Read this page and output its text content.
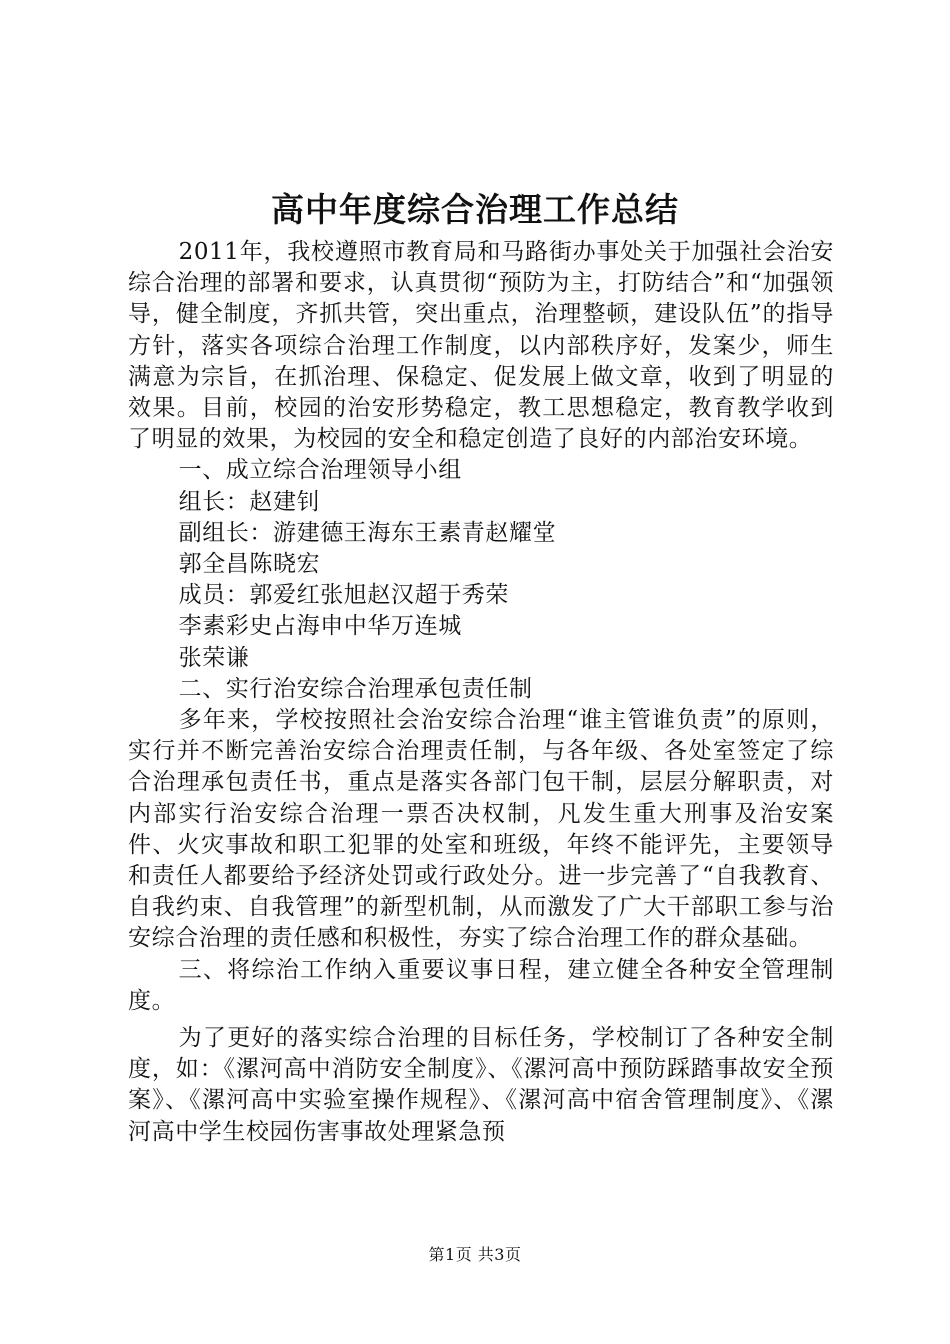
高中年度综合治理工作总结

2011年，我校遵照市教育局和马路街办事处关于加强社会治安综合治理的部署和要求，认真贯彻“预防为主，打防结合”和“加强领导，健全制度，齐抓共管，突出重点，治理整顿，建设队伍”的指导方针，落实各项综合治理工作制度，以内部秩序好，发案少，师生满意为宗旨，在抓治理、保稳定、促发展上做文章，收到了明显的效果。目前，校园的治安形势稳定，教工思想稳定，教育教学收到了明显的效果，为校园的安全和稳定创造了良好的内部治安环境。

一、成立综合治理领导小组

组长：赵建钊

副组长：游建德王海东王素青赵耀堂

郭全昌陈晓宏

成员：郭爱红张旭赵汉超于秀荣

李素彩史占海申中华万连城

张荣谦

二、实行治安综合治理承包责任制

多年来，学校按照社会治安综合治理“谁主管谁负责”的原则，实行并不断完善治安综合治理责任制，与各年级、各处室签定了综合治理承包责任书，重点是落实各部门包干制，层层分解职责，对内部实行治安综合治理一票否决权制，凡发生重大刑事及治安案件、火灾事故和职工犯罪的处室和班级，年终不能评先，主要领导和责任人都要给予经济处罚或行政处分。进一步完善了“自我教育、自我约束、自我管理”的新型机制，从而激发了广大干部职工参与治安综合治理的责任感和积极性，夯实了综合治理工作的群众基础。

三、将综治工作纳入重要议事日程，建立健全各种安全管理制度。

为了更好的落实综合治理的目标任务，学校制订了各种安全制度，如：《漯河高中消防安全制度》、《漯河高中预防踩踏事故安全预案》、《漯河高中实验室操作规程》、《漯河高中宿舍管理制度》、《漯河高中学生校园伤害事故处理紧急预

第1页 共3页
